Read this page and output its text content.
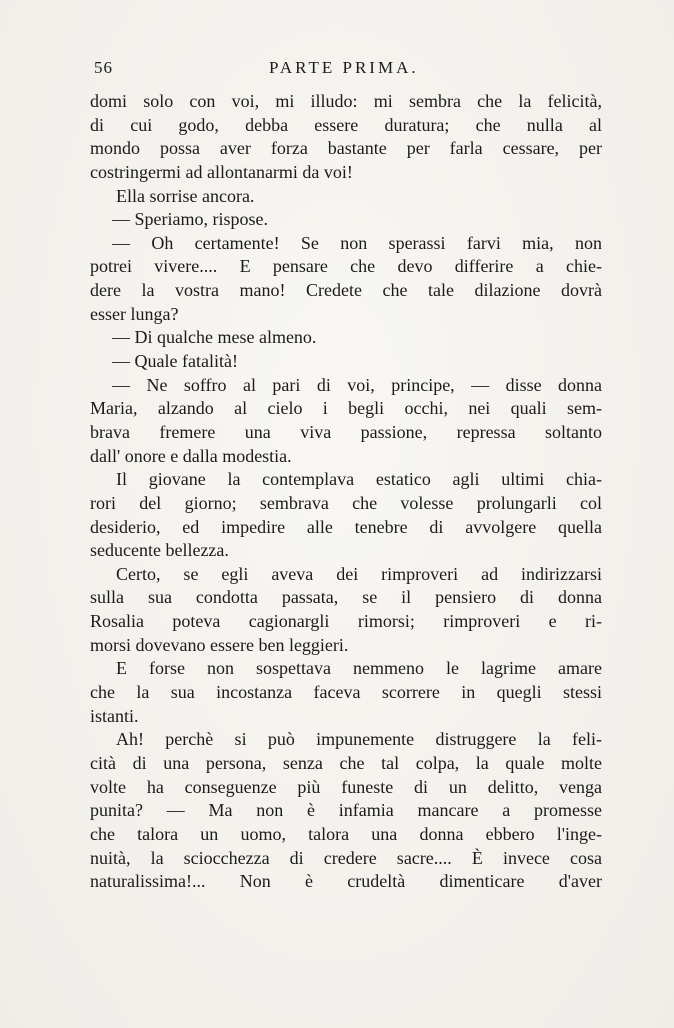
56	PARTE PRIMA.
domi solo con voi, mi illudo: mi sembra che la felicità,
di cui godo, debba essere duratura; che nulla al
mondo possa aver forza bastante per farla cessare, per
costringermi ad allontanarmi da voi!
Ella sorrise ancora.
— Speriamo, rispose.
— Oh certamente! Se non sperassi farvi mia, non
potrei vivere.... E pensare che devo differire a chie-
dere la vostra mano! Credete che tale dilazione dovrà
esser lunga?
— Di qualche mese almeno.
— Quale fatalità!
— Ne soffro al pari di voi, principe, — disse donna
Maria, alzando al cielo i begli occhi, nei quali sem-
brava fremere una viva passione, repressa soltanto
dall' onore e dalla modestia.
Il giovane la contemplava estatico agli ultimi chia-
rori del giorno; sembrava che volesse prolungarli col
desiderio, ed impedire alle tenebre di avvolgere quella
seducente bellezza.
Certo, se egli aveva dei rimproveri ad indirizzarsi
sulla sua condotta passata, se il pensiero di donna
Rosalia poteva cagionargli rimorsi; rimproveri e ri-
morsi dovevano essere ben leggieri.
E forse non sospettava nemmeno le lagrime amare
che la sua incostanza faceva scorrere in quegli stessi
istanti.
Ah! perchè si può impunemente distruggere la feli-
cità di una persona, senza che tal colpa, la quale molte
volte ha conseguenze più funeste di un delitto, venga
punita? — Ma non è infamia mancare a promesse
che talora un uomo, talora una donna ebbero l'inge-
nuità, la sciocchezza di credere sacre.... È invece cosa
naturalissima!... Non è crudeltà dimenticare d'aver
